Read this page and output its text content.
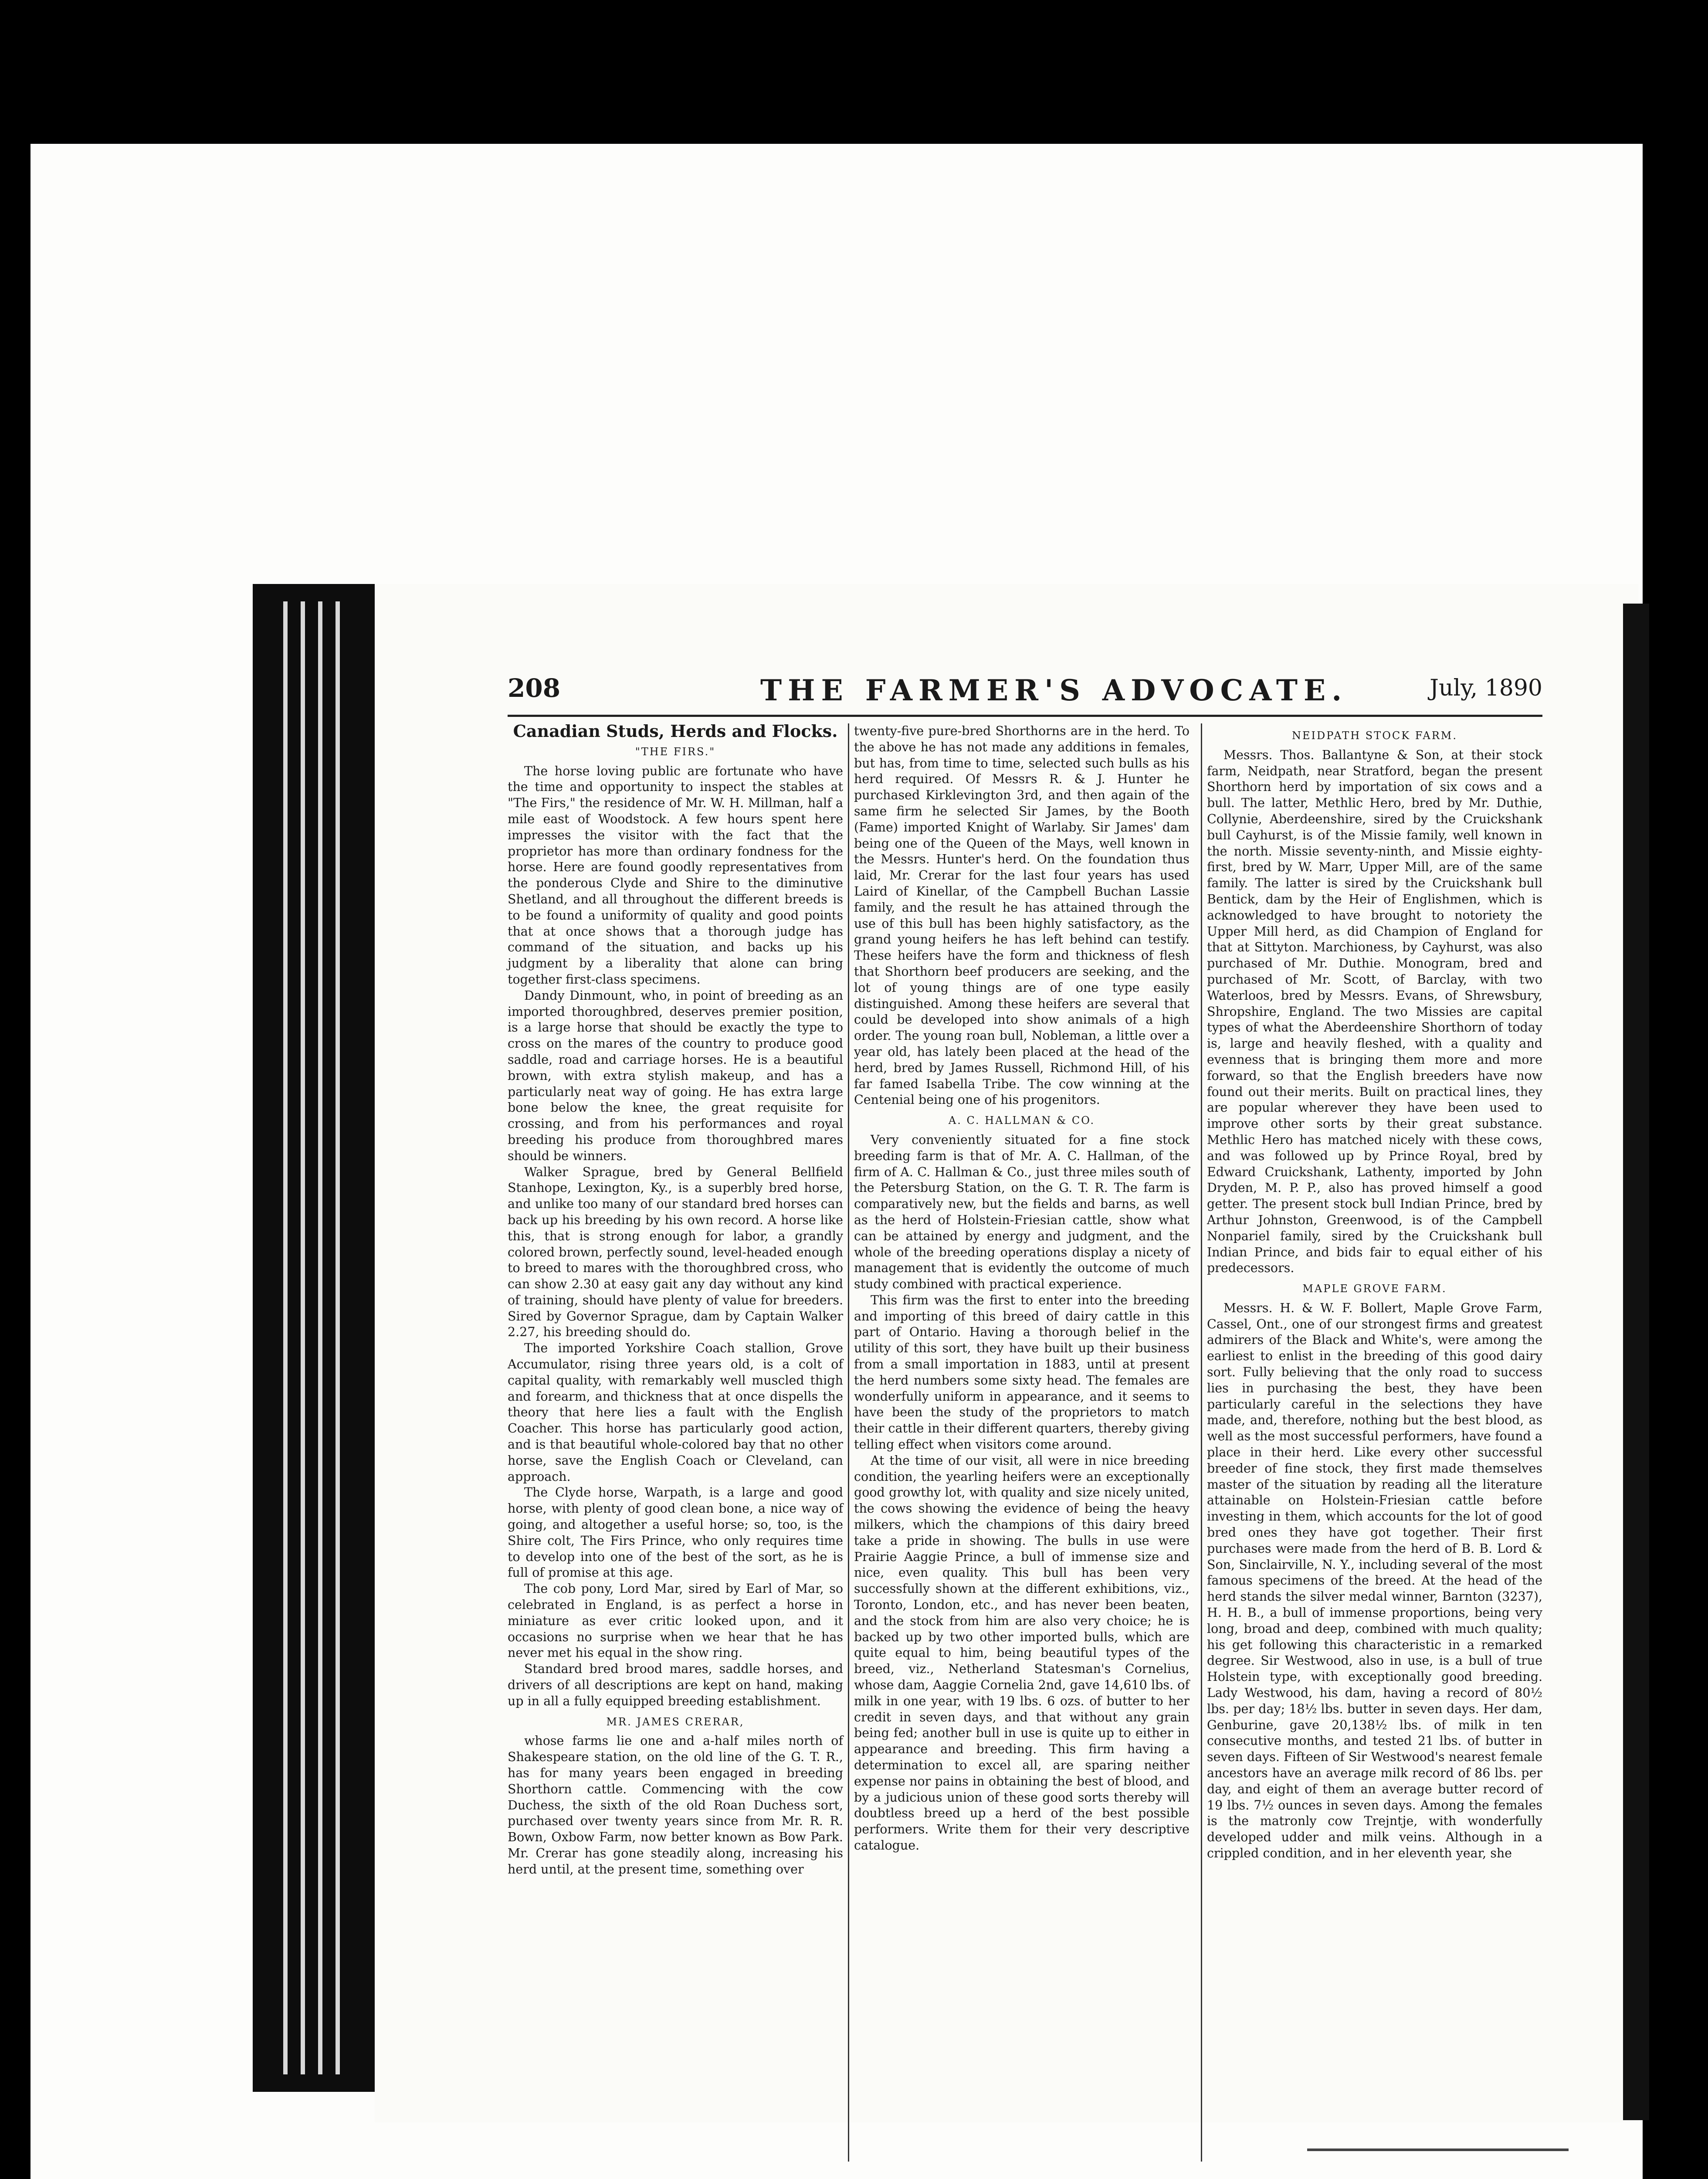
208	THE FARMER'S ADVOCATE.	July, 1890
Canadian Studs, Herds and Flocks.
"THE FIRS."

The horse loving public are fortunate who have the time and opportunity to inspect the stables at "The Firs," the residence of Mr. W. H. Millman, half a mile east of Woodstock. A few hours spent here impresses the visitor with the fact that the proprietor has more than ordinary fondness for the horse. Here are found goodly representatives from the ponderous Clyde and Shire to the diminutive Shetland, and all throughout the different breeds is to be found a uniformity of quality and good points that at once shows that a thorough judge has command of the situation, and backs up his judgment by a liberality that alone can bring together first-class specimens.

Dandy Dinmount, who, in point of breeding as an imported thoroughbred, deserves premier position, is a large horse that should be exactly the type to cross on the mares of the country to produce good saddle, road and carriage horses. He is a beautiful brown, with extra stylish makeup, and has a particularly neat way of going. He has extra large bone below the knee, the great requisite for crossing, and from his performances and royal breeding his produce from thoroughbred mares should be winners.

Walker Sprague, bred by General Bellfield Stanhope, Lexington, Ky., is a superbly bred horse, and unlike too many of our standard bred horses can back up his breeding by his own record. A horse like this, that is strong enough for labor, a grandly colored brown, perfectly sound, level-headed enough to breed to mares with the thoroughbred cross, who can show 2.30 at easy gait any day without any kind of training, should have plenty of value for breeders. Sired by Governor Sprague, dam by Captain Walker 2.27, his breeding should do.

The imported Yorkshire Coach stallion, Grove Accumulator, rising three years old, is a colt of capital quality, with remarkably well muscled thigh and forearm, and thickness that at once dispells the theory that here lies a fault with the English Coacher. This horse has particularly good action, and is that beautiful whole-colored bay that no other horse, save the English Coach or Cleveland, can approach.

The Clyde horse, Warpath, is a large and good horse, with plenty of good clean bone, a nice way of going, and altogether a useful horse; so, too, is the Shire colt, The Firs Prince, who only requires time to develop into one of the best of the sort, as he is full of promise at this age.

The cob pony, Lord Mar, sired by Earl of Mar, so celebrated in England, is as perfect a horse in miniature as ever critic looked upon, and it occasions no surprise when we hear that he has never met his equal in the show ring.

Standard bred brood mares, saddle horses, and drivers of all descriptions are kept on hand, making up in all a fully equipped breeding establishment.

MR. JAMES CRERAR,

whose farms lie one and a-half miles north of Shakespeare station, on the old line of the G. T. R., has for many years been engaged in breeding Shorthorn cattle. Commencing with the cow Duchess, the sixth of the old Roan Duchess sort, purchased over twenty years since from Mr. R. R. Bown, Oxbow Farm, now better known as Bow Park. Mr. Crerar has gone steadily along, increasing his herd until, at the present time, something over

twenty-five pure-bred Shorthorns are in the herd. To the above he has not made any additions in females, but has, from time to time, selected such bulls as his herd required. Of Messrs R. & J. Hunter he purchased Kirklevington 3rd, and then again of the same firm he selected Sir James, by the Booth (Fame) imported Knight of Warlaby. Sir James' dam being one of the Queen of the Mays, well known in the Messrs. Hunter's herd. On the foundation thus laid, Mr. Crerar for the last four years has used Laird of Kinellar, of the Campbell Buchan Lassie family, and the result he has attained through the use of this bull has been highly satisfactory, as the grand young heifers he has left behind can testify. These heifers have the form and thickness of flesh that Shorthorn beef producers are seeking, and the lot of young things are of one type easily distinguished. Among these heifers are several that could be developed into show animals of a high order. The young roan bull, Nobleman, a little over a year old, has lately been placed at the head of the herd, bred by James Russell, Richmond Hill, of his far famed Isabella Tribe. The cow winning at the Centenial being one of his progenitors.

A. C. HALLMAN & CO.

Very conveniently situated for a fine stock breeding farm is that of Mr. A. C. Hallman, of the firm of A. C. Hallman & Co., just three miles south of the Petersburg Station, on the G. T. R. The farm is comparatively new, but the fields and barns, as well as the herd of Holstein-Friesian cattle, show what can be attained by energy and judgment, and the whole of the breeding operations display a nicety of management that is evidently the outcome of much study combined with practical experience.

This firm was the first to enter into the breeding and importing of this breed of dairy cattle in this part of Ontario. Having a thorough belief in the utility of this sort, they have built up their business from a small importation in 1883, until at present the herd numbers some sixty head. The females are wonderfully uniform in appearance, and it seems to have been the study of the proprietors to match their cattle in their different quarters, thereby giving telling effect when visitors come around.

At the time of our visit, all were in nice breeding condition, the yearling heifers were an exceptionally good growthy lot, with quality and size nicely united, the cows showing the evidence of being the heavy milkers, which the champions of this dairy breed take a pride in showing. The bulls in use were Prairie Aaggie Prince, a bull of immense size and nice, even quality. This bull has been very successfully shown at the different exhibitions, viz., Toronto, London, etc., and has never been beaten, and the stock from him are also very choice; he is backed up by two other imported bulls, which are quite equal to him, being beautiful types of the breed, viz., Netherland Statesman's Cornelius, whose dam, Aaggie Cornelia 2nd, gave 14,610 lbs. of milk in one year, with 19 lbs. 6 ozs. of butter to her credit in seven days, and that without any grain being fed; another bull in use is quite up to either in appearance and breeding. This firm having a determination to excel all, are sparing neither expense nor pains in obtaining the best of blood, and by a judicious union of these good sorts thereby will doubtless breed up a herd of the best possible performers. Write them for their very descriptive catalogue.

NEIDPATH STOCK FARM.

Messrs. Thos. Ballantyne & Son, at their stock farm, Neidpath, near Stratford, began the present Shorthorn herd by importation of six cows and a bull. The latter, Methlic Hero, bred by Mr. Duthie, Collynie, Aberdeenshire, sired by the Cruickshank bull Cayhurst, is of the Missie family, well known in the north. Missie seventy-ninth, and Missie eighty-first, bred by W. Marr, Upper Mill, are of the same family. The latter is sired by the Cruickshank bull Bentick, dam by the Heir of Englishmen, which is acknowledged to have brought to notoriety the Upper Mill herd, as did Champion of England for that at Sittyton. Marchioness, by Cayhurst, was also purchased of Mr. Duthie. Monogram, bred and purchased of Mr. Scott, of Barclay, with two Waterloos, bred by Messrs. Evans, of Shrewsbury, Shropshire, England. The two Missies are capital types of what the Aberdeenshire Shorthorn of today is, large and heavily fleshed, with a quality and evenness that is bringing them more and more forward, so that the English breeders have now found out their merits. Built on practical lines, they are popular wherever they have been used to improve other sorts by their great substance. Methlic Hero has matched nicely with these cows, and was followed up by Prince Royal, bred by Edward Cruickshank, Lathenty, imported by John Dryden, M. P. P., also has proved himself a good getter. The present stock bull Indian Prince, bred by Arthur Johnston, Greenwood, is of the Campbell Nonpariel family, sired by the Cruickshank bull Indian Prince, and bids fair to equal either of his predecessors.

MAPLE GROVE FARM.

Messrs. H. & W. F. Bollert, Maple Grove Farm, Cassel, Ont., one of our strongest firms and greatest admirers of the Black and White's, were among the earliest to enlist in the breeding of this good dairy sort. Fully believing that the only road to success lies in purchasing the best, they have been particularly careful in the selections they have made, and, therefore, nothing but the best blood, as well as the most successful performers, have found a place in their herd. Like every other successful breeder of fine stock, they first made themselves master of the situation by reading all the literature attainable on Holstein-Friesian cattle before investing in them, which accounts for the lot of good bred ones they have got together. Their first purchases were made from the herd of B. B. Lord & Son, Sinclairville, N. Y., including several of the most famous specimens of the breed. At the head of the herd stands the silver medal winner, Barnton (3237), H. H. B., a bull of immense proportions, being very long, broad and deep, combined with much quality; his get following this characteristic in a remarked degree. Sir Westwood, also in use, is a bull of true Holstein type, with exceptionally good breeding. Lady Westwood, his dam, having a record of 80½ lbs. per day; 18½ lbs. butter in seven days. Her dam, Genburine, gave 20,138½ lbs. of milk in ten consecutive months, and tested 21 lbs. of butter in seven days. Fifteen of Sir Westwood's nearest female ancestors have an average milk record of 86 lbs. per day, and eight of them an average butter record of 19 lbs. 7½ ounces in seven days. Among the females is the matronly cow Trejntje, with wonderfully developed udder and milk veins. Although in a crippled condition, and in her eleventh year, she
